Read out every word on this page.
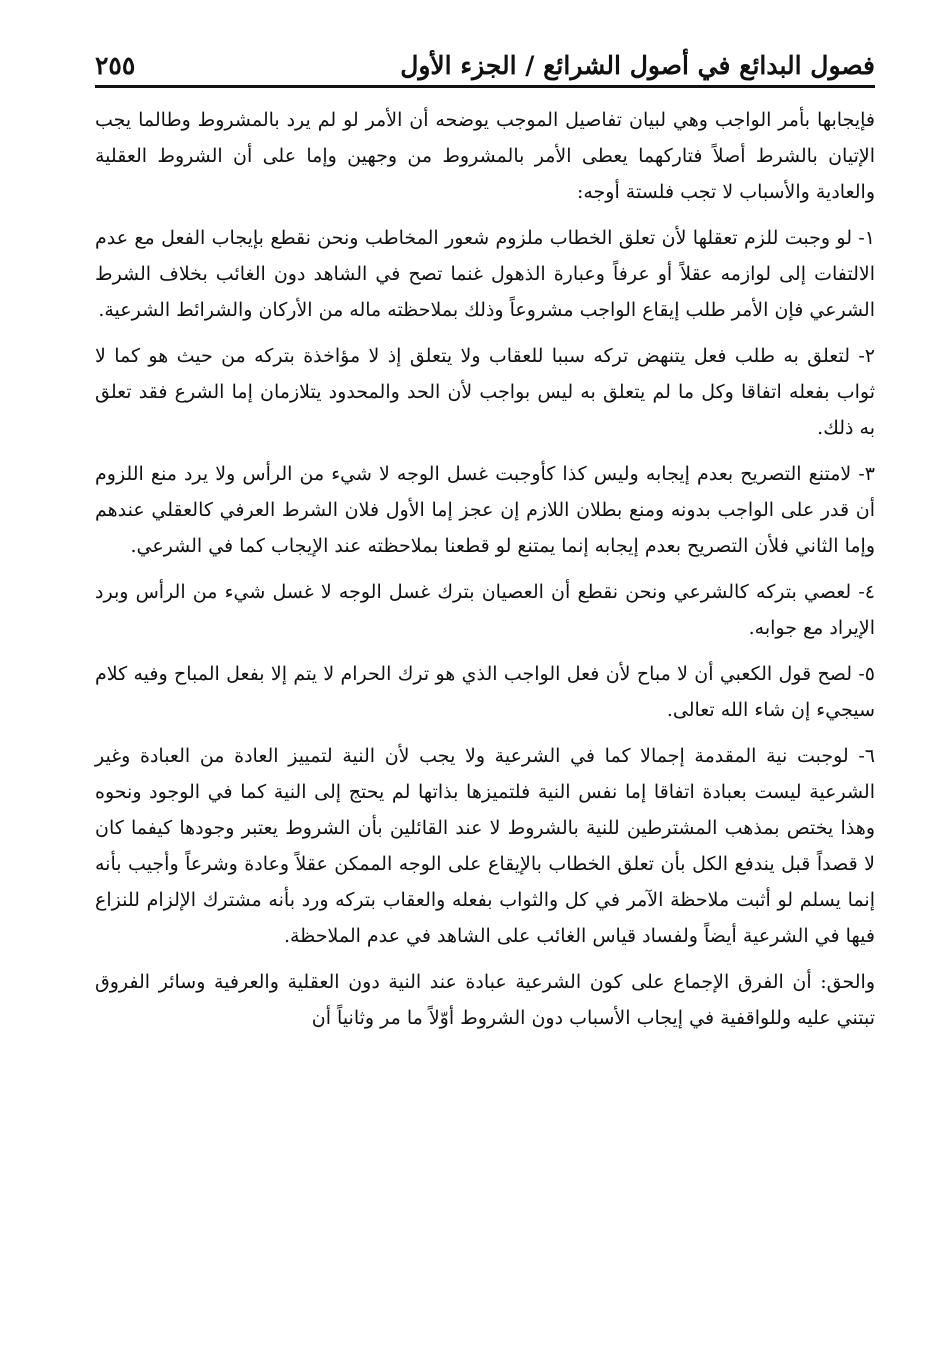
فصول البدائع في أصول الشرائع / الجزء الأول
٢٥٥

فإيجابها بأمر الواجب وهي لبيان تفاصيل الموجب يوضحه أن الأمر لو لم يرد بالمشروط وطالما يجب الإتيان بالشرط أصلاً فتاركهما يعطى الأمر بالمشروط من وجهين وإما على أن الشروط العقلية والعادية والأسباب لا تجب فلستة أوجه:

١- لو وجبت للزم تعقلها لأن تعلق الخطاب ملزوم شعور المخاطب ونحن نقطع بإيجاب الفعل مع عدم الالتفات إلى لوازمه عقلاً أو عرفاً وعبارة الذهول غنما تصح في الشاهد دون الغائب بخلاف الشرط الشرعي فإن الأمر طلب إيقاع الواجب مشروعاً وذلك بملاحظته ماله من الأركان والشرائط الشرعية.

٢- لتعلق به طلب فعل يتنهض تركه سببا للعقاب ولا يتعلق إذ لا مؤاخذة بتركه من حيث هو كما لا ثواب بفعله اتفاقا وكل ما لم يتعلق به ليس بواجب لأن الحد والمحدود يتلازمان إما الشرع فقد تعلق به ذلك.

٣- لامتنع التصريح بعدم إيجابه وليس كذا كأوجبت غسل الوجه لا شيء من الرأس ولا يرد منع اللزوم أن قدر على الواجب بدونه ومنع بطلان اللازم إن عجز إما الأول فلان الشرط العرفي كالعقلي عندهم وإما الثاني فلأن التصريح بعدم إيجابه إنما يمتنع لو قطعنا بملاحظته عند الإيجاب كما في الشرعي.

٤- لعصي بتركه كالشرعي ونحن نقطع أن العصيان بترك غسل الوجه لا غسل شيء من الرأس وبرد الإيراد مع جوابه.

٥- لصح قول الكعبي أن لا مباح لأن فعل الواجب الذي هو ترك الحرام لا يتم إلا بفعل المباح وفيه كلام سيجيء إن شاء الله تعالى.

٦- لوجبت نية المقدمة إجمالا كما في الشرعية ولا يجب لأن النية لتمييز العادة من العبادة وغير الشرعية ليست بعبادة اتفاقا إما نفس النية فلتميزها بذاتها لم يحتج إلى النية كما في الوجود ونحوه وهذا يختص بمذهب المشترطين للنية بالشروط لا عند القائلين بأن الشروط يعتبر وجودها كيفما كان لا قصداً قبل يندفع الكل بأن تعلق الخطاب بالإيقاع على الوجه الممكن عقلاً وعادة وشرعاً وأجيب بأنه إنما يسلم لو أثبت ملاحظة الآمر في كل والثواب بفعله والعقاب بتركه ورد بأنه مشترك الإلزام للنزاع فيها في الشرعية أيضاً ولفساد قياس الغائب على الشاهد في عدم الملاحظة.

والحق: أن الفرق الإجماع على كون الشرعية عبادة عند النية دون العقلية والعرفية وسائر الفروق تبتني عليه وللواقفية في إيجاب الأسباب دون الشروط أوّلاً ما مر وثانياً أن
